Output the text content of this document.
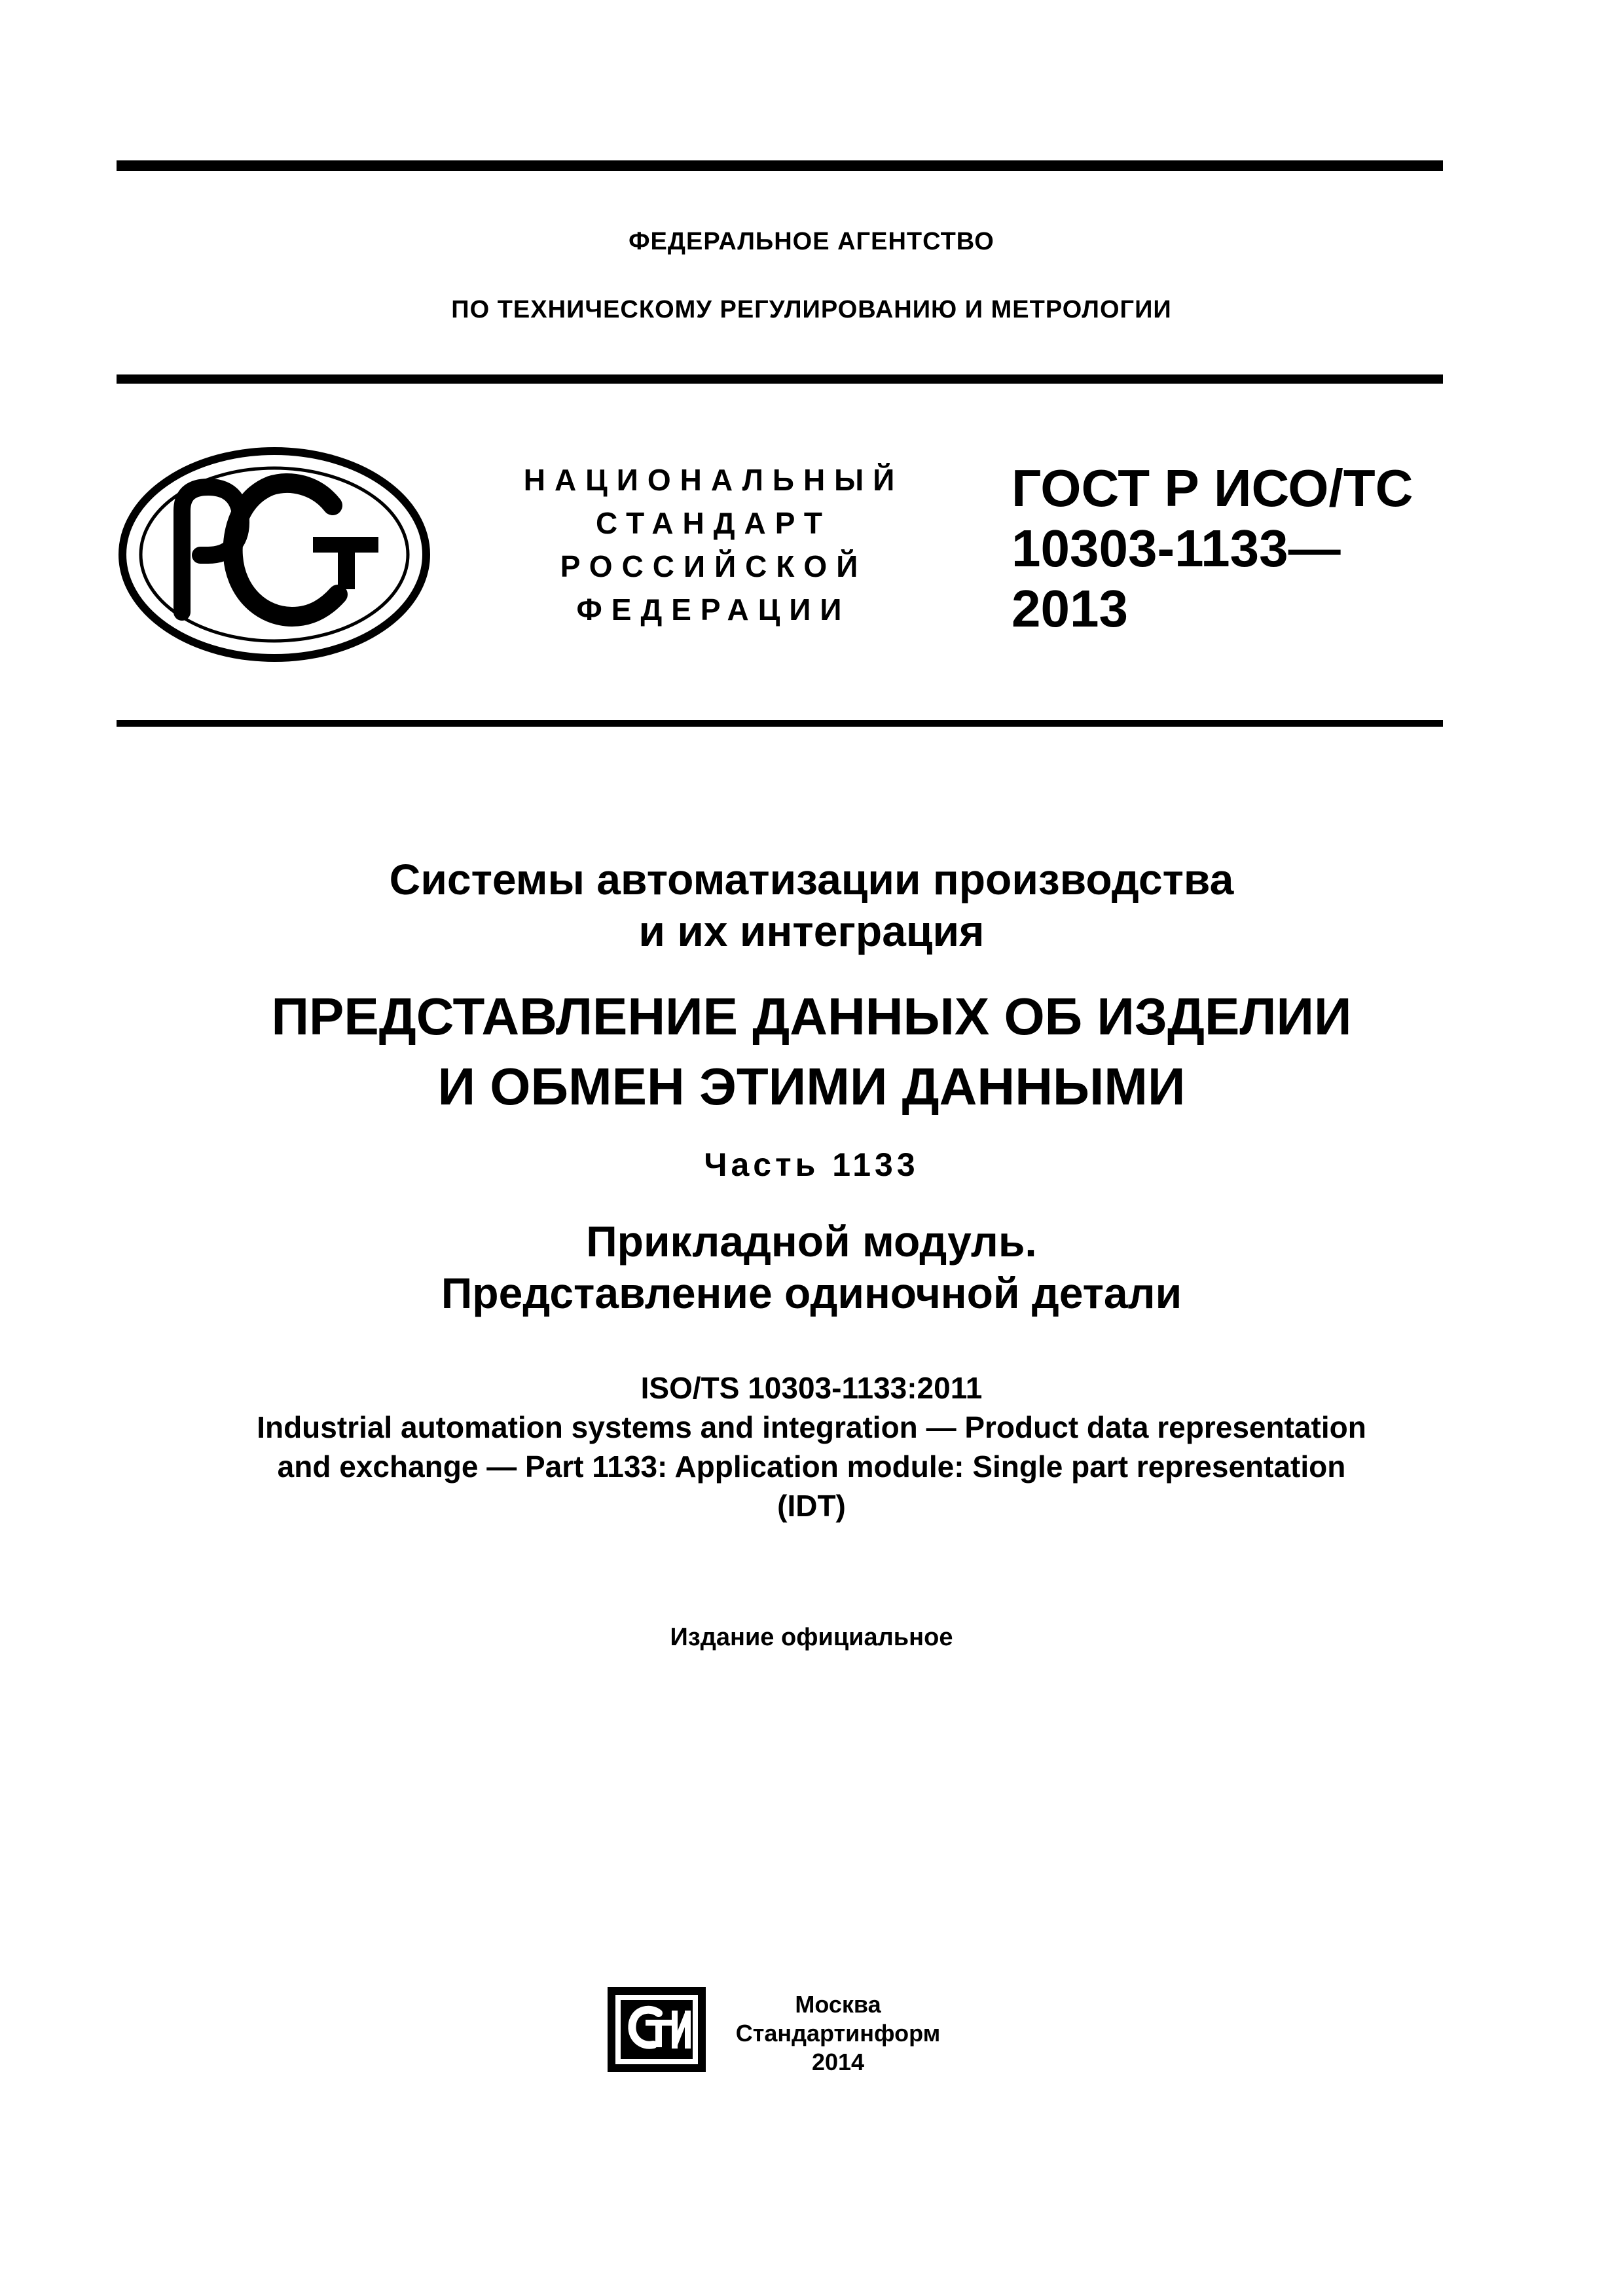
ФЕДЕРАЛЬНОЕ АГЕНТСТВО
ПО ТЕХНИЧЕСКОМУ РЕГУЛИРОВАНИЮ И МЕТРОЛОГИИ
НАЦИОНАЛЬНЫЙ
СТАНДАРТ
РОССИЙСКОЙ
ФЕДЕРАЦИИ
ГОСТ Р ИСО/ТС
10303-1133—
2013
Системы автоматизации производства
и их интеграция
ПРЕДСТАВЛЕНИЕ ДАННЫХ ОБ ИЗДЕЛИИ
И ОБМЕН ЭТИМИ ДАННЫМИ
Часть 1133
Прикладной модуль.
Представление одиночной детали
ISO/TS 10303-1133:2011
Industrial automation systems and integration — Product data representation
and exchange — Part 1133: Application module: Single part representation
(IDT)
Издание официальное
Москва
Стандартинформ
2014
